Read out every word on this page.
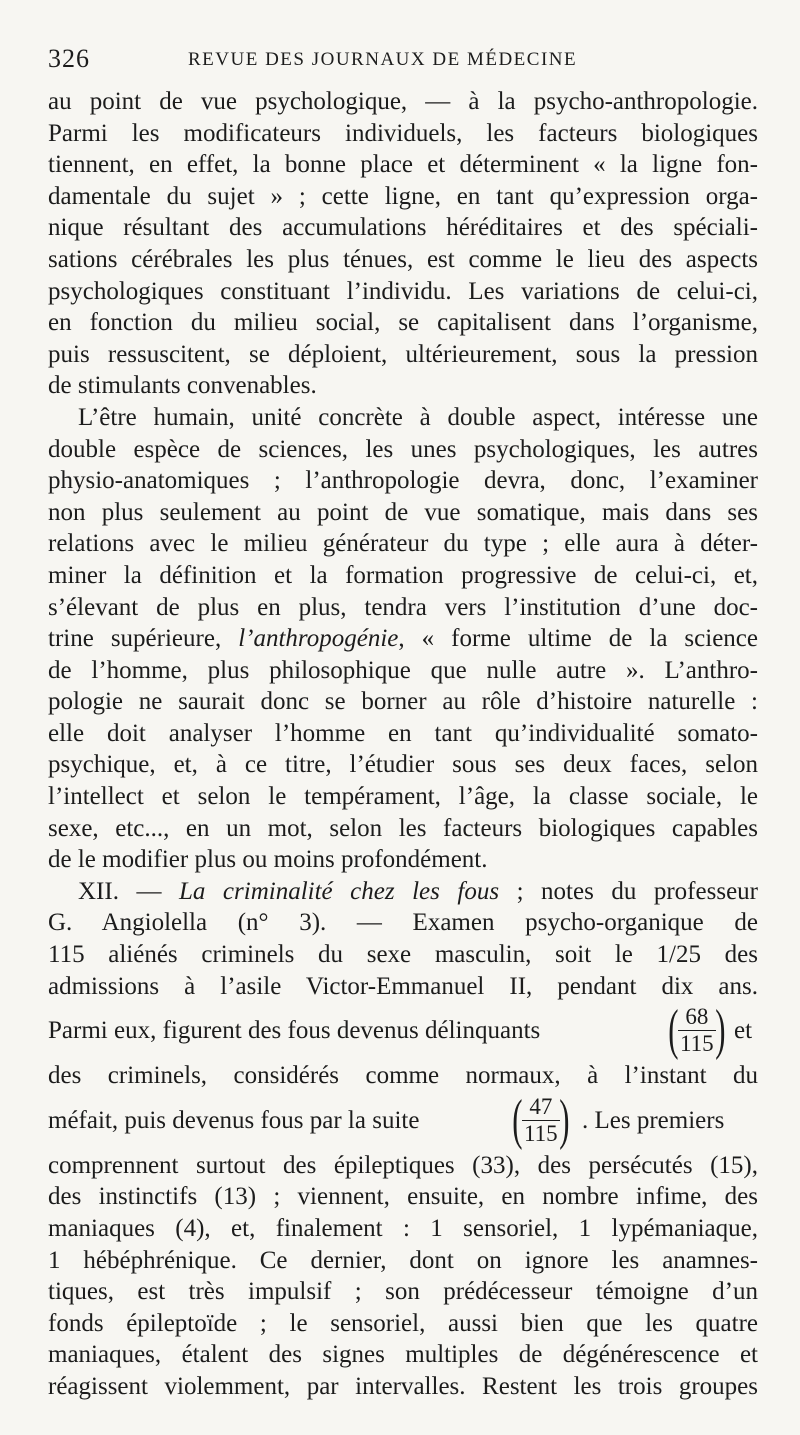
326	REVUE DES JOURNAUX DE MÉDECINE
au point de vue psychologique, — à la psycho-anthropologie.
Parmi les modificateurs individuels, les facteurs biologiques
tiennent, en effet, la bonne place et déterminent « la ligne fon-
damentale du sujet » ; cette ligne, en tant qu’expression orga-
nique résultant des accumulations héréditaires et des spéciali-
sations cérébrales les plus ténues, est comme le lieu des aspects
psychologiques constituant l’individu. Les variations de celui-ci,
en fonction du milieu social, se capitalisent dans l’organisme,
puis ressuscitent, se déploient, ultérieurement, sous la pression
de stimulants convenables.
L’être humain, unité concrète à double aspect, intéresse une
double espèce de sciences, les unes psychologiques, les autres
physio-anatomiques ; l’anthropologie devra, donc, l’examiner
non plus seulement au point de vue somatique, mais dans ses
relations avec le milieu générateur du type ; elle aura à déter-
miner la définition et la formation progressive de celui-ci, et,
s’élevant de plus en plus, tendra vers l’institution d’une doc-
trine supérieure, l’anthropogénie, « forme ultime de la science
de l’homme, plus philosophique que nulle autre ». L’anthro-
pologie ne saurait donc se borner au rôle d’histoire naturelle :
elle doit analyser l’homme en tant qu’individualité somato-
psychique, et, à ce titre, l’étudier sous ses deux faces, selon
l’intellect et selon le tempérament, l’âge, la classe sociale, le
sexe, etc..., en un mot, selon les facteurs biologiques capables
de le modifier plus ou moins profondément.
XII. — La criminalité chez les fous ; notes du professeur
G. Angiolella (n° 3). — Examen psycho-organique de
115 aliénés criminels du sexe masculin, soit le 1/25 des
admissions à l’asile Victor-Emmanuel II, pendant dix ans.
Parmi eux, figurent des fous devenus délinquants ( 68
115 ) et
des criminels, considérés comme normaux, à l’instant du
méfait, puis devenus fous par la suite ( 47
115 ) . Les premiers
comprennent surtout des épileptiques (33), des persécutés (15),
des instinctifs (13) ; viennent, ensuite, en nombre infime, des
maniaques (4), et, finalement : 1 sensoriel, 1 lypémaniaque,
1 hébéphrénique. Ce dernier, dont on ignore les anamnes-
tiques, est très impulsif ; son prédécesseur témoigne d’un
fonds épileptoïde ; le sensoriel, aussi bien que les quatre
maniaques, étalent des signes multiples de dégénérescence et
réagissent violemment, par intervalles. Restent les trois groupes
